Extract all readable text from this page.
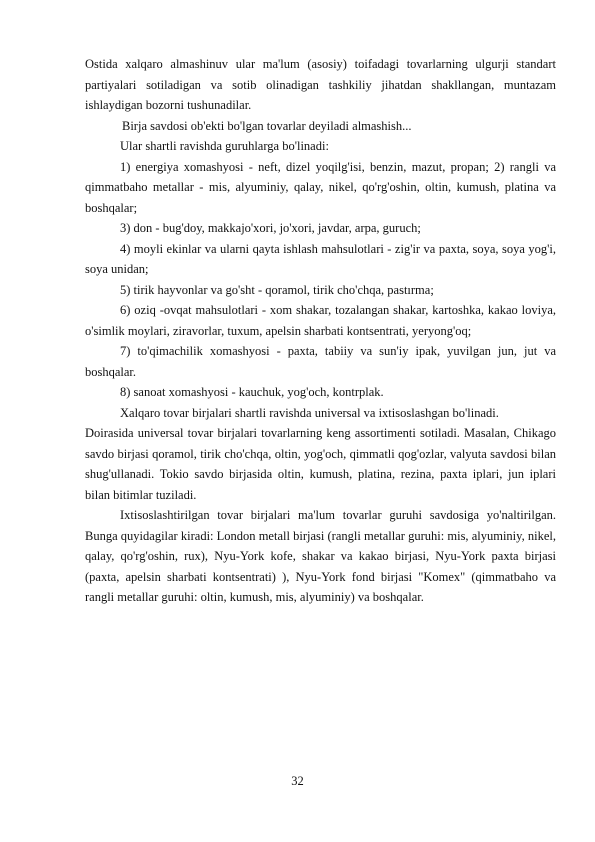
Ostida xalqaro almashinuv ular ma'lum (asosiy) toifadagi tovarlarning ulgurji standart partiyalari sotiladigan va sotib olinadigan tashkiliy jihatdan shakllangan, muntazam ishlaydigan bozorni tushunadilar.

Birja savdosi ob'ekti bo'lgan tovarlar deyiladi almashish...

Ular shartli ravishda guruhlarga bo'linadi:

1) energiya xomashyosi - neft, dizel yoqilg'isi, benzin, mazut, propan; 2) rangli va qimmatbaho metallar - mis, alyuminiy, qalay, nikel, qo'rg'oshin, oltin, kumush, platina va boshqalar;

3) don - bug'doy, makkajo'xori, jo'xori, javdar, arpa, guruch;

4) moyli ekinlar va ularni qayta ishlash mahsulotlari - zig'ir va paxta, soya, soya yog'i, soya unidan;

5) tirik hayvonlar va go'sht - qoramol, tirik cho'chqa, pastırma;

6) oziq -ovqat mahsulotlari - xom shakar, tozalangan shakar, kartoshka, kakao loviya, o'simlik moylari, ziravorlar, tuxum, apelsin sharbati kontsentrati, yeryong'oq;

7) to'qimachilik xomashyosi - paxta, tabiiy va sun'iy ipak, yuvilgan jun, jut va boshqalar.

8) sanoat xomashyosi - kauchuk, yog'och, kontrplak.

Xalqaro tovar birjalari shartli ravishda universal va ixtisoslashgan bo'linadi.

Doirasida universal tovar birjalari tovarlarning keng assortimenti sotiladi. Masalan, Chikago savdo birjasi qoramol, tirik cho'chqa, oltin, yog'och, qimmatli qog'ozlar, valyuta savdosi bilan shug'ullanadi. Tokio savdo birjasida oltin, kumush, platina, rezina, paxta iplari, jun iplari bilan bitimlar tuziladi.

Ixtisoslashtirilgan tovar birjalari ma'lum tovarlar guruhi savdosiga yo'naltirilgan. Bunga quyidagilar kiradi: London metall birjasi (rangli metallar guruhi: mis, alyuminiy, nikel, qalay, qo'rg'oshin, rux), Nyu-York kofe, shakar va kakao birjasi, Nyu-York paxta birjasi (paxta, apelsin sharbati kontsentrati) ), Nyu-York fond birjasi "Komex" (qimmatbaho va rangli metallar guruhi: oltin, kumush, mis, alyuminiy) va boshqalar.

32
